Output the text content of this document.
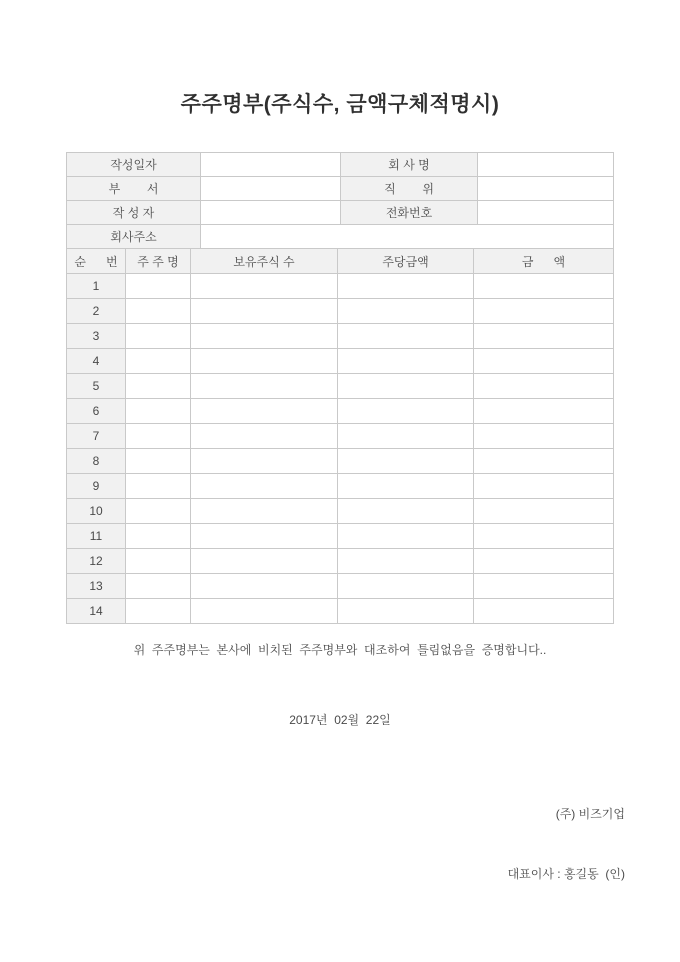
주주명부(주식수, 금액구체적명시)
작성일자		회 사 명	
부        서		직        위	
작 성 자		전화번호	
회사주소			
순      번	주 주 명	보유주식 수	주당금액	금      액
1				
2				
3				
4				
5				
6				
7				
8				
9				
10				
11				
12				
13				
14				
위  주주명부는  본사에  비치된  주주명부와  대조하여  틀림없음을  증명합니다..
2017년  02월  22일

(주) 비즈기업

대표이사 : 홍길동  (인)
